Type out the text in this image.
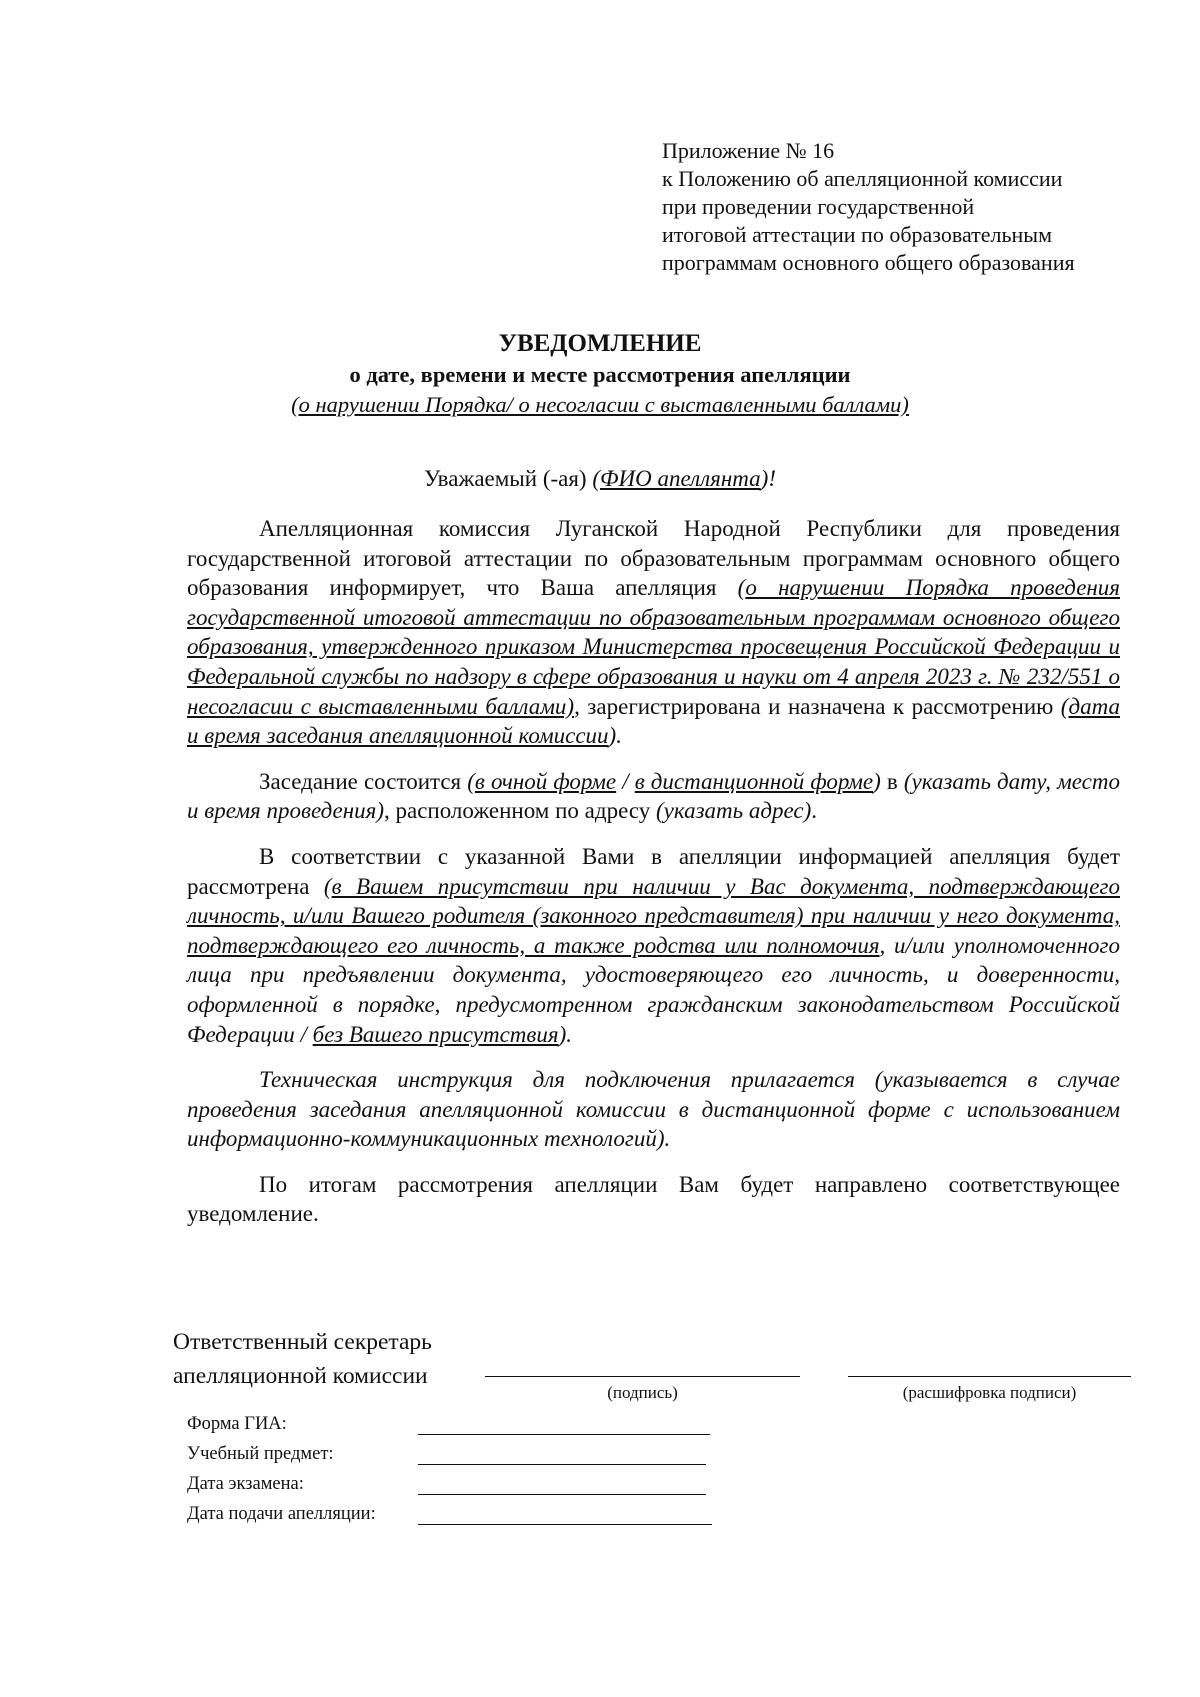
Приложение № 16
к Положению об апелляционной комиссии
при проведении государственной
итоговой аттестации по образовательным
программам основного общего образования
УВЕДОМЛЕНИЕ
о дате, времени и месте рассмотрения апелляции
(о нарушении Порядка/ о несогласии с выставленными баллами)
Уважаемый (-ая) (ФИО апеллянта)!

Апелляционная комиссия Луганской Народной Республики для проведения государственной итоговой аттестации по образовательным программам основного общего образования информирует, что Ваша апелляция (о нарушении Порядка проведения государственной итоговой аттестации по образовательным программам основного общего образования, утвержденного приказом Министерства просвещения Российской Федерации и Федеральной службы по надзору в сфере образования и науки от 4 апреля 2023 г. № 232/551 о несогласии с выставленными баллами), зарегистрирована и назначена к рассмотрению (дата и время заседания апелляционной комиссии).

Заседание состоится (в очной форме / в дистанционной форме) в (указать дату, место и время проведения), расположенном по адресу (указать адрес).

В соответствии с указанной Вами в апелляции информацией апелляция будет рассмотрена (в Вашем присутствии при наличии у Вас документа, подтверждающего личность, и/или Вашего родителя (законного представителя) при наличии у него документа, подтверждающего его личность, а также родства или полномочия, и/или уполномоченного лица при предъявлении документа, удостоверяющего его личность, и доверенности, оформленной в порядке, предусмотренном гражданским законодательством Российской Федерации / без Вашего присутствия).

Техническая инструкция для подключения прилагается (указывается в случае проведения заседания апелляционной комиссии в дистанционной форме с использованием информационно-коммуникационных технологий).

По итогам рассмотрения апелляции Вам будет направлено соответствующее уведомление.

Ответственный секретарь
апелляционной комиссии
(подпись)	(расшифровка подписи)
Форма ГИА:
Учебный предмет:
Дата экзамена:
Дата подачи апелляции:
